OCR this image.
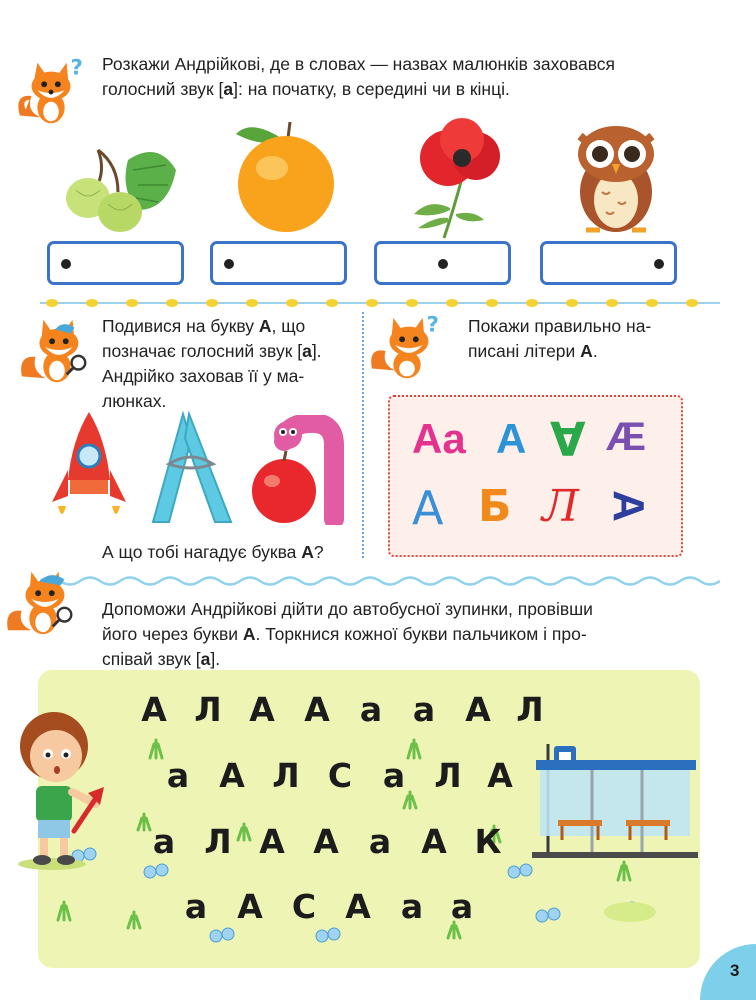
? Розкажи Андрійкові, де в словах — назвах малюнків заховався
голосний звук [а]: на початку, в середині чи в кінці.
Подивися на букву А, що
позначає голосний звук [а].
Андрійко заховав її у ма-
люнках.
А що тобі нагадує буква А?
? Покажи правильно на-
писані літери А.
Aa A A Æ
A Б Л A
Допоможи Андрійкові дійти до автобусної зупинки, провівши
його через букви А. Торкнися кожної букви пальчиком і про-
співай звук [а].
А Л А А а а А Л
а А Л С а Л А
а Л А А а А К
а А С А а а
3
